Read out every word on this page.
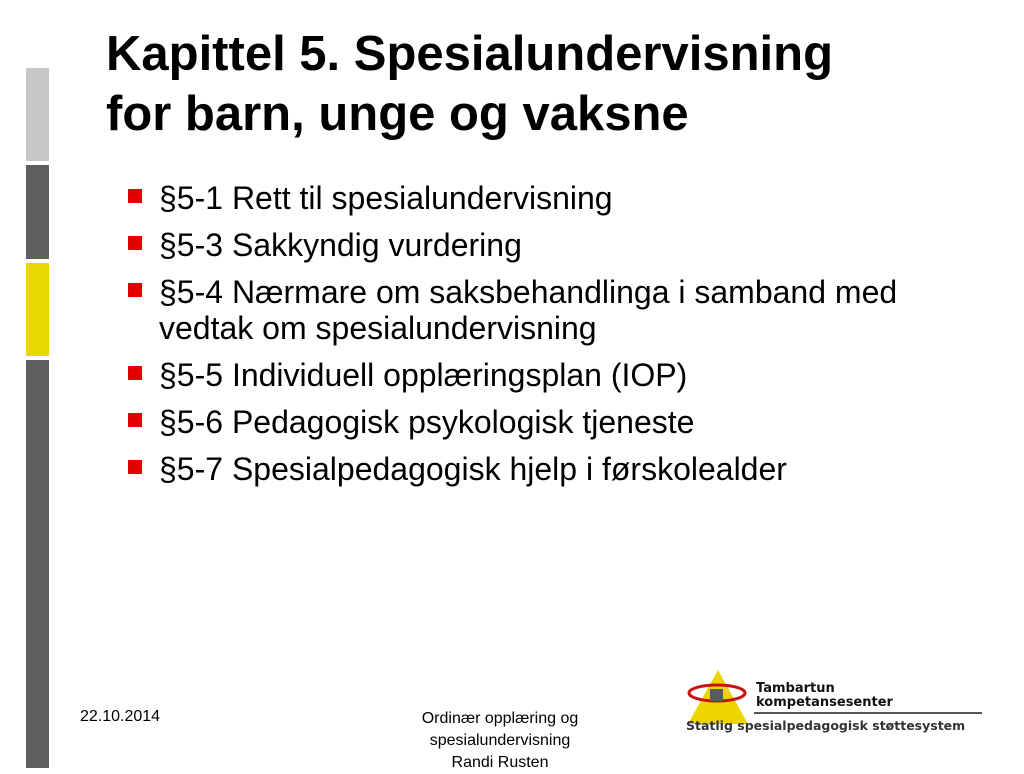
Kapittel 5. Spesialundervisning
for barn, unge og vaksne
§5-1 Rett til spesialundervisning
§5-3 Sakkyndig vurdering
§5-4 Nærmare om saksbehandlinga i samband med vedtak om spesialundervisning
§5-5 Individuell opplæringsplan (IOP)
§5-6 Pedagogisk psykologisk tjeneste
§5-7 Spesialpedagogisk hjelp i førskolealder
22.10.2014	Ordinær opplæring og
spesialundervisning
Randi Rusten
Tambartun
kompetansesenter
Statlig spesialpedagogisk støttesystem
